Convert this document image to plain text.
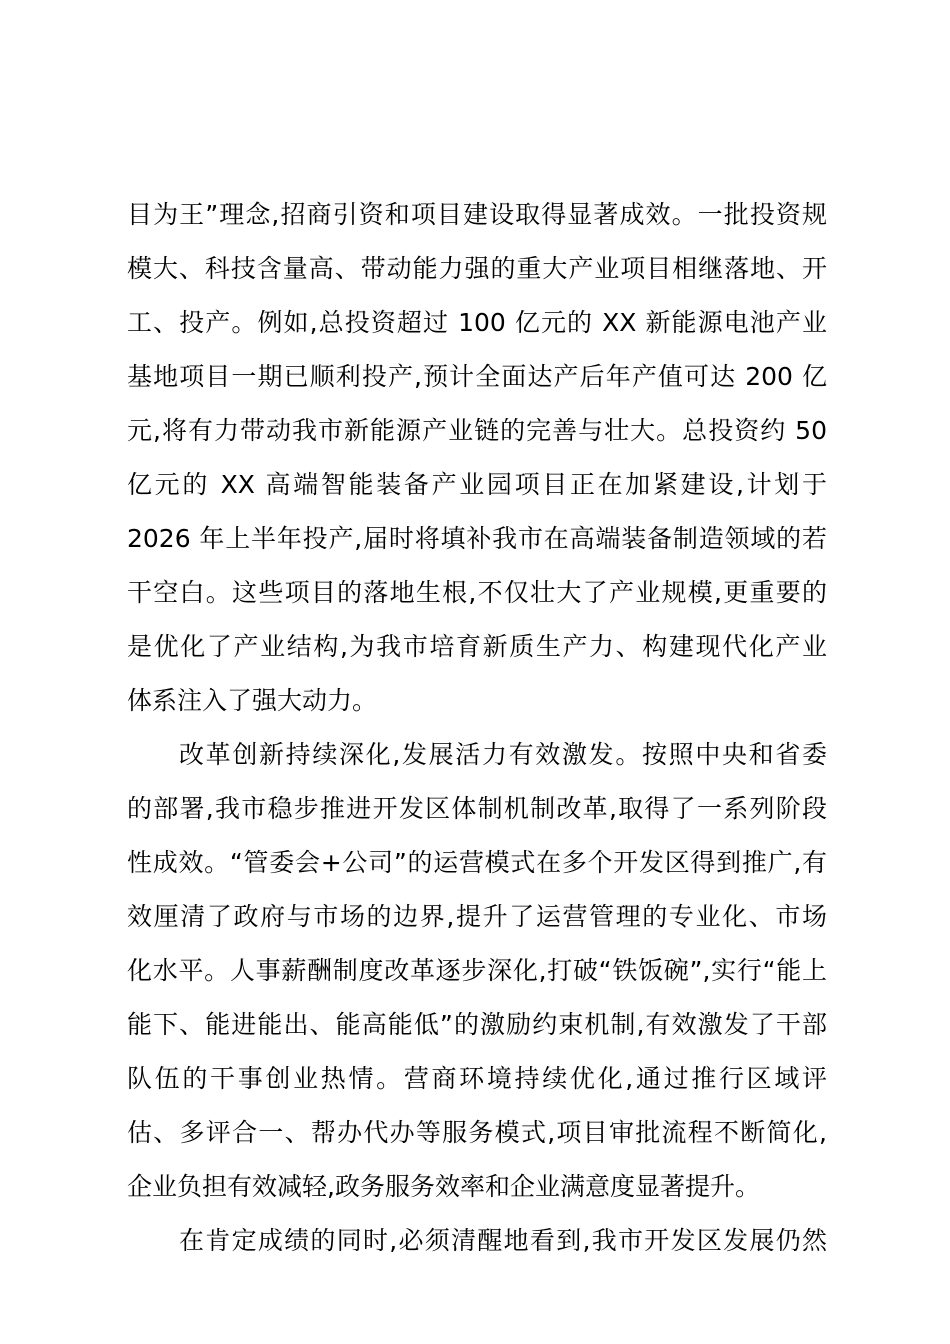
目为王”理念,招商引资和项目建设取得显著成效。一批投资规
模大、科技含量高、带动能力强的重大产业项目相继落地、开
工、投产。例如,总投资超过 100 亿元的 XX 新能源电池产业
基地项目一期已顺利投产,预计全面达产后年产值可达 200 亿
元,将有力带动我市新能源产业链的完善与壮大。总投资约 50
亿元的 XX 高端智能装备产业园项目正在加紧建设,计划于
2026 年上半年投产,届时将填补我市在高端装备制造领域的若
干空白。这些项目的落地生根,不仅壮大了产业规模,更重要的
是优化了产业结构,为我市培育新质生产力、构建现代化产业
体系注入了强大动力。
改革创新持续深化,发展活力有效激发。按照中央和省委
的部署,我市稳步推进开发区体制机制改革,取得了一系列阶段
性成效。“管委会+公司”的运营模式在多个开发区得到推广,有
效厘清了政府与市场的边界,提升了运营管理的专业化、市场
化水平。人事薪酬制度改革逐步深化,打破“铁饭碗”,实行“能上
能下、能进能出、能高能低”的激励约束机制,有效激发了干部
队伍的干事创业热情。营商环境持续优化,通过推行区域评
估、多评合一、帮办代办等服务模式,项目审批流程不断简化,
企业负担有效减轻,政务服务效率和企业满意度显著提升。
在肯定成绩的同时,必须清醒地看到,我市开发区发展仍然
